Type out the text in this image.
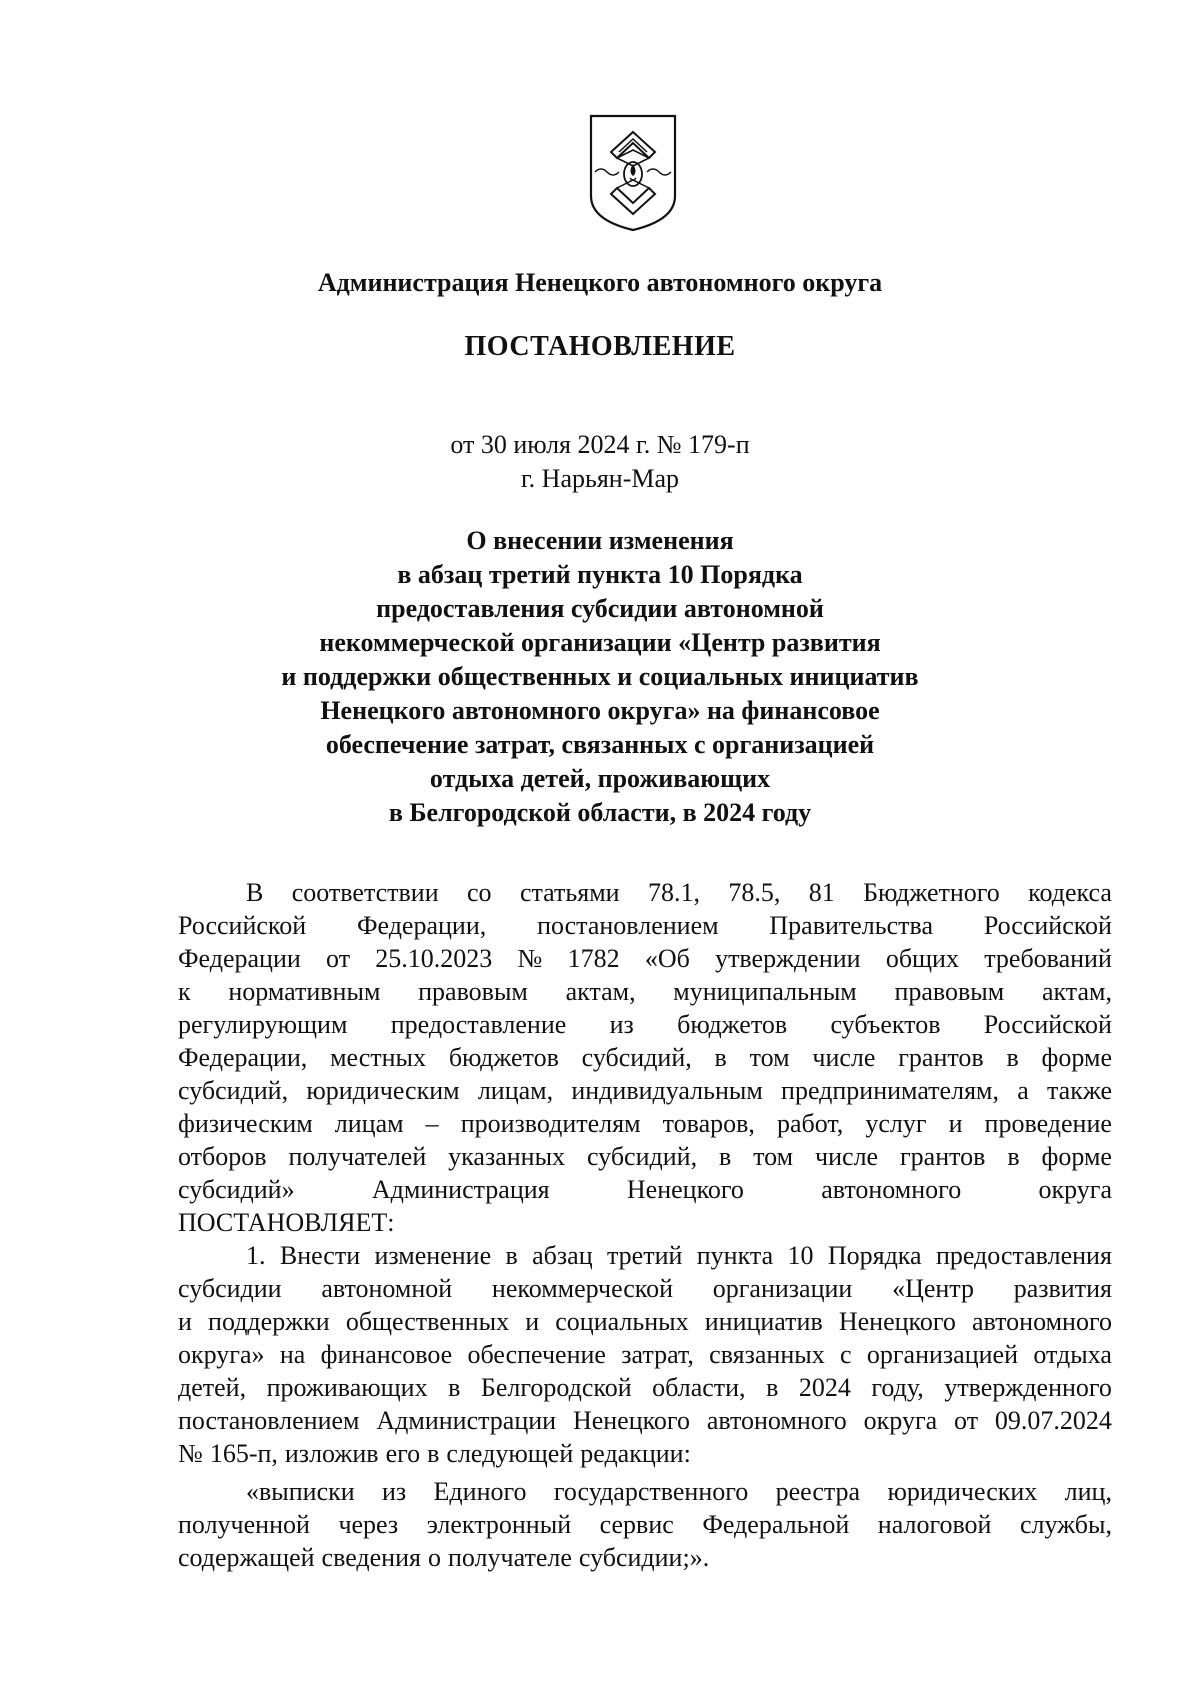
Администрация Ненецкого автономного округа
ПОСТАНОВЛЕНИЕ
от 30 июля 2024 г. № 179-п
г. Нарьян-Мар
О внесении изменения
в абзац третий пункта 10 Порядка
предоставления субсидии автономной
некоммерческой организации «Центр развития
и поддержки общественных и социальных инициатив
Ненецкого автономного округа» на финансовое
обеспечение затрат, связанных с организацией
отдыха детей, проживающих
в Белгородской области, в 2024 году
В соответствии со статьями 78.1, 78.5, 81 Бюджетного кодекса
Российской Федерации, постановлением Правительства Российской
Федерации от 25.10.2023 № 1782 «Об утверждении общих требований
к нормативным правовым актам, муниципальным правовым актам,
регулирующим предоставление из бюджетов субъектов Российской
Федерации, местных бюджетов субсидий, в том числе грантов в форме
субсидий, юридическим лицам, индивидуальным предпринимателям, а также
физическим лицам – производителям товаров, работ, услуг и проведение
отборов получателей указанных субсидий, в том числе грантов в форме
субсидий»	Администрация	Ненецкого	автономного	округа
ПОСТАНОВЛЯЕТ:
1. Внести изменение в абзац третий пункта 10 Порядка предоставления
субсидии автономной некоммерческой организации «Центр развития
и поддержки общественных и социальных инициатив Ненецкого автономного
округа» на финансовое обеспечение затрат, связанных с организацией отдыха
детей, проживающих в Белгородской области, в 2024 году, утвержденного
постановлением Администрации Ненецкого автономного округа от 09.07.2024
№ 165-п, изложив его в следующей редакции:
«выписки из Единого государственного реестра юридических лиц,
полученной через электронный сервис Федеральной налоговой службы,
содержащей сведения о получателе субсидии;».
